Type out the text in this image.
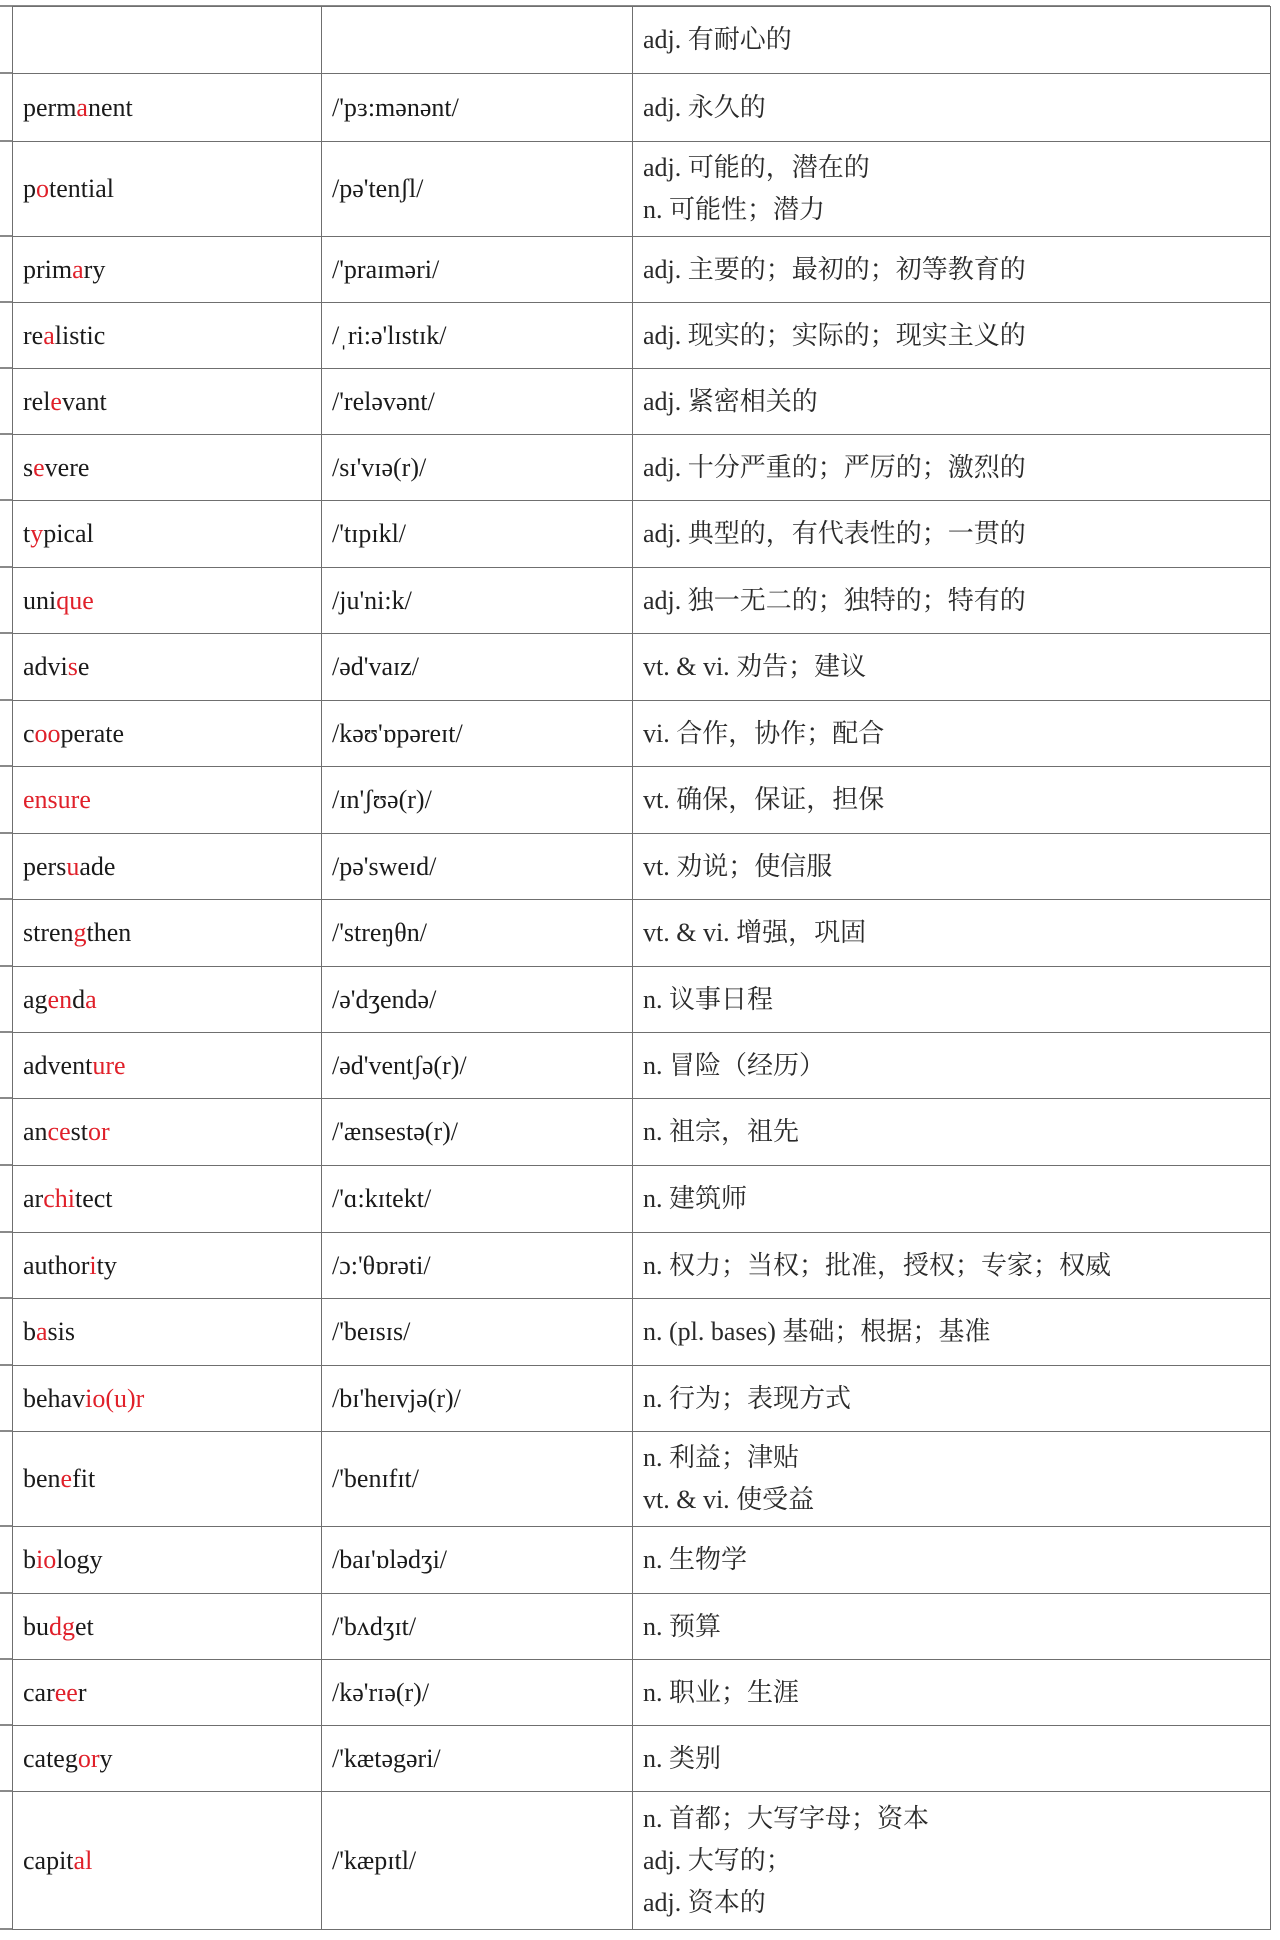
		adj. 有耐心的

permanent	/'pɜ:mənənt/	adj. 永久的

potential	/pə'tenʃl/	adj. 可能的，潜在的
n. 可能性；潜力

primary	/'praɪməri/	adj. 主要的；最初的；初等教育的

realistic	/ˌri:ə'lɪstɪk/	adj. 现实的；实际的；现实主义的

relevant	/'reləvənt/	adj. 紧密相关的

severe	/sɪ'vɪə(r)/	adj. 十分严重的；严厉的；激烈的

typical	/'tɪpɪkl/	adj. 典型的，有代表性的；一贯的

unique	/ju'ni:k/	adj. 独一无二的；独特的；特有的

advise	/əd'vaɪz/	vt. & vi. 劝告；建议

cooperate	/kəʊ'ɒpəreɪt/	vi. 合作，协作；配合

ensure	/ɪn'ʃʊə(r)/	vt. 确保，保证，担保

persuade	/pə'sweɪd/	vt. 劝说；使信服

strengthen	/'streŋθn/	vt. & vi. 增强，巩固

agenda	/ə'dʒendə/	n. 议事日程

adventure	/əd'ventʃə(r)/	n. 冒险（经历）

ancestor	/'ænsestə(r)/	n. 祖宗，祖先

architect	/'ɑ:kɪtekt/	n. 建筑师

authority	/ɔ:'θɒrəti/	n. 权力；当权；批准，授权；专家；权威

basis	/'beɪsɪs/	n. (pl. bases) 基础；根据；基准

behavio(u)r	/bɪ'heɪvjə(r)/	n. 行为；表现方式

benefit	/'benɪfɪt/	n. 利益；津贴
vt. & vi. 使受益

biology	/baɪ'ɒlədʒi/	n. 生物学

budget	/'bʌdʒɪt/	n. 预算

career	/kə'rɪə(r)/	n. 职业；生涯

category	/'kætəgəri/	n. 类别

capital	/'kæpɪtl/	n. 首都；大写字母；资本
adj. 大写的；
adj. 资本的
